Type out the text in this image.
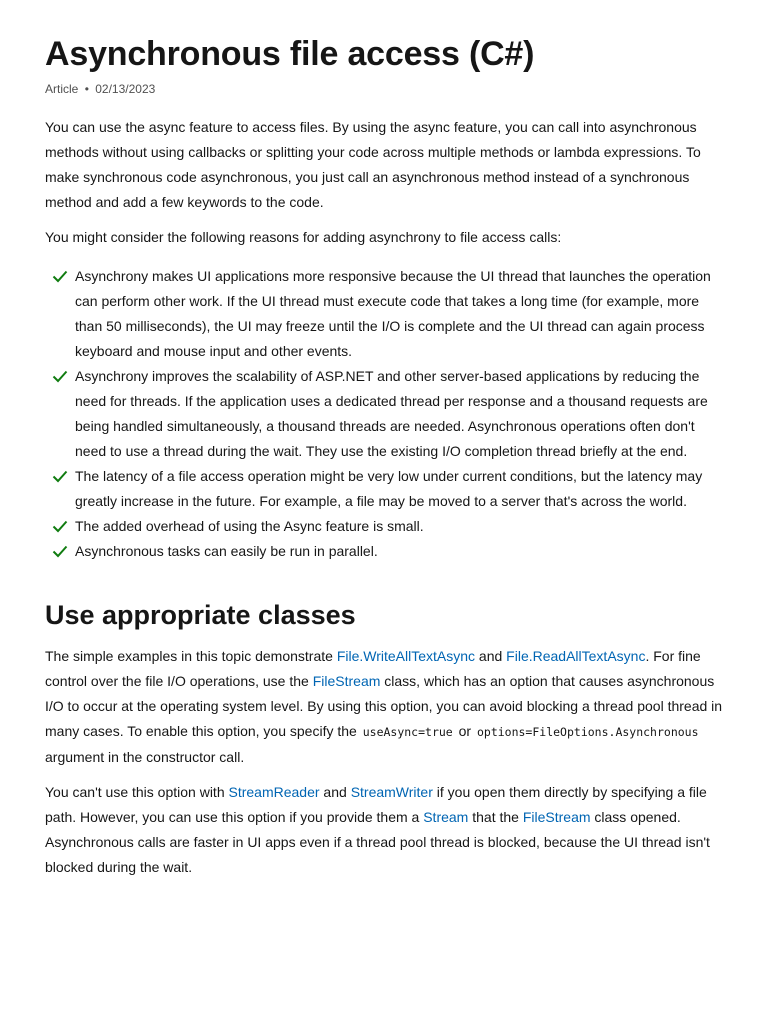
Asynchronous file access (C#)
Article • 02/13/2023

You can use the async feature to access files. By using the async feature, you can call into asynchronous methods without using callbacks or splitting your code across multiple methods or lambda expressions. To make synchronous code asynchronous, you just call an asynchronous method instead of a synchronous method and add a few keywords to the code.

You might consider the following reasons for adding asynchrony to file access calls:

Asynchrony makes UI applications more responsive because the UI thread that launches the operation can perform other work. If the UI thread must execute code that takes a long time (for example, more than 50 milliseconds), the UI may freeze until the I/O is complete and the UI thread can again process keyboard and mouse input and other events.
Asynchrony improves the scalability of ASP.NET and other server-based applications by reducing the need for threads. If the application uses a dedicated thread per response and a thousand requests are being handled simultaneously, a thousand threads are needed. Asynchronous operations often don't need to use a thread during the wait. They use the existing I/O completion thread briefly at the end.
The latency of a file access operation might be very low under current conditions, but the latency may greatly increase in the future. For example, a file may be moved to a server that's across the world.
The added overhead of using the Async feature is small.
Asynchronous tasks can easily be run in parallel.
Use appropriate classes

The simple examples in this topic demonstrate File.WriteAllTextAsync and File.ReadAllTextAsync. For fine control over the file I/O operations, use the FileStream class, which has an option that causes asynchronous I/O to occur at the operating system level. By using this option, you can avoid blocking a thread pool thread in many cases. To enable this option, you specify the useAsync=true or options=FileOptions.Asynchronous argument in the constructor call.

You can't use this option with StreamReader and StreamWriter if you open them directly by specifying a file path. However, you can use this option if you provide them a Stream that the FileStream class opened. Asynchronous calls are faster in UI apps even if a thread pool thread is blocked, because the UI thread isn't blocked during the wait.
